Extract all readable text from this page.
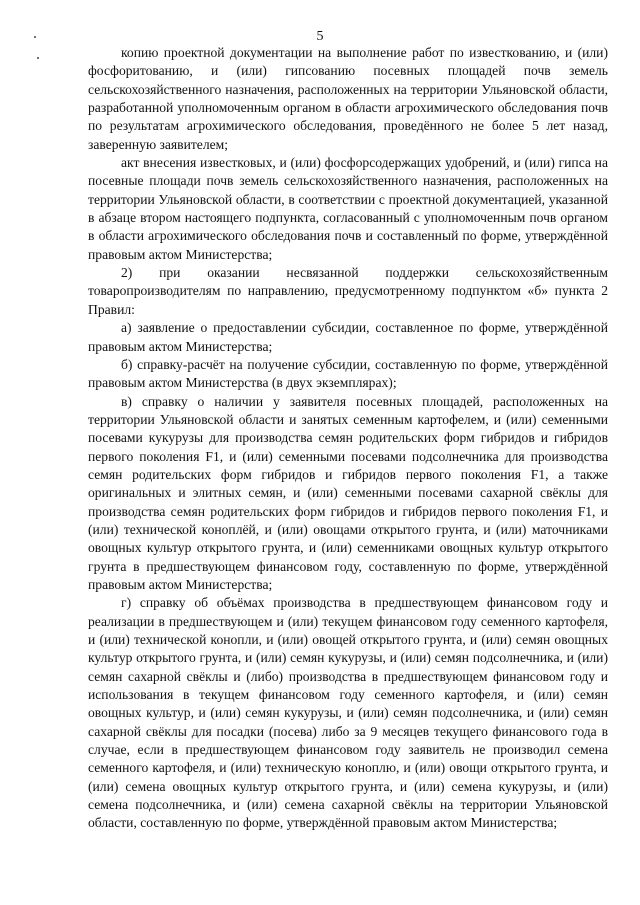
5

копию проектной документации на выполнение работ по известкованию, и (или) фосфоритованию, и (или) гипсованию посевных площадей почв земель сельскохозяйственного назначения, расположенных на территории Ульяновской области, разработанной уполномоченным органом в области агрохимического обследования почв по результатам агрохимического обследования, проведённого не более 5 лет назад, заверенную заявителем;

акт внесения известковых, и (или) фосфорсодержащих удобрений, и (или) гипса на посевные площади почв земель сельскохозяйственного назначения, расположенных на территории Ульяновской области, в соответствии с проектной документацией, указанной в абзаце втором настоящего подпункта, согласованный с уполномоченным почв органом в области агрохимического обследования почв и составленный по форме, утверждённой правовым актом Министерства;

2) при оказании несвязанной поддержки сельскохозяйственным товаропроизводителям по направлению, предусмотренному подпунктом «б» пункта 2 Правил:

а) заявление о предоставлении субсидии, составленное по форме, утверждённой правовым актом Министерства;

б) справку-расчёт на получение субсидии, составленную по форме, утверждённой правовым актом Министерства (в двух экземплярах);

в) справку о наличии у заявителя посевных площадей, расположенных на территории Ульяновской области и занятых семенным картофелем, и (или) семенными посевами кукурузы для производства семян родительских форм гибридов и гибридов первого поколения F1, и (или) семенными посевами подсолнечника для производства семян родительских форм гибридов и гибридов первого поколения F1, а также оригинальных и элитных семян, и (или) семенными посевами сахарной свёклы для производства семян родительских форм гибридов и гибридов первого поколения F1, и (или) технической коноплёй, и (или) овощами открытого грунта, и (или) маточниками овощных культур открытого грунта, и (или) семенниками овощных культур открытого грунта в предшествующем финансовом году, составленную по форме, утверждённой правовым актом Министерства;

г) справку об объёмах производства в предшествующем финансовом году и реализации в предшествующем и (или) текущем финансовом году семенного картофеля, и (или) технической конопли, и (или) овощей открытого грунта, и (или) семян овощных культур открытого грунта, и (или) семян кукурузы, и (или) семян подсолнечника, и (или) семян сахарной свёклы и (либо) производства в предшествующем финансовом году и использования в текущем финансовом году семенного картофеля, и (или) семян овощных культур, и (или) семян кукурузы, и (или) семян подсолнечника, и (или) семян сахарной свёклы для посадки (посева) либо за 9 месяцев текущего финансового года в случае, если в предшествующем финансовом году заявитель не производил семена семенного картофеля, и (или) техническую коноплю, и (или) овощи открытого грунта, и (или) семена овощных культур открытого грунта, и (или) семена кукурузы, и (или) семена подсолнечника, и (или) семена сахарной свёклы на территории Ульяновской области, составленную по форме, утверждённой правовым актом Министерства;
